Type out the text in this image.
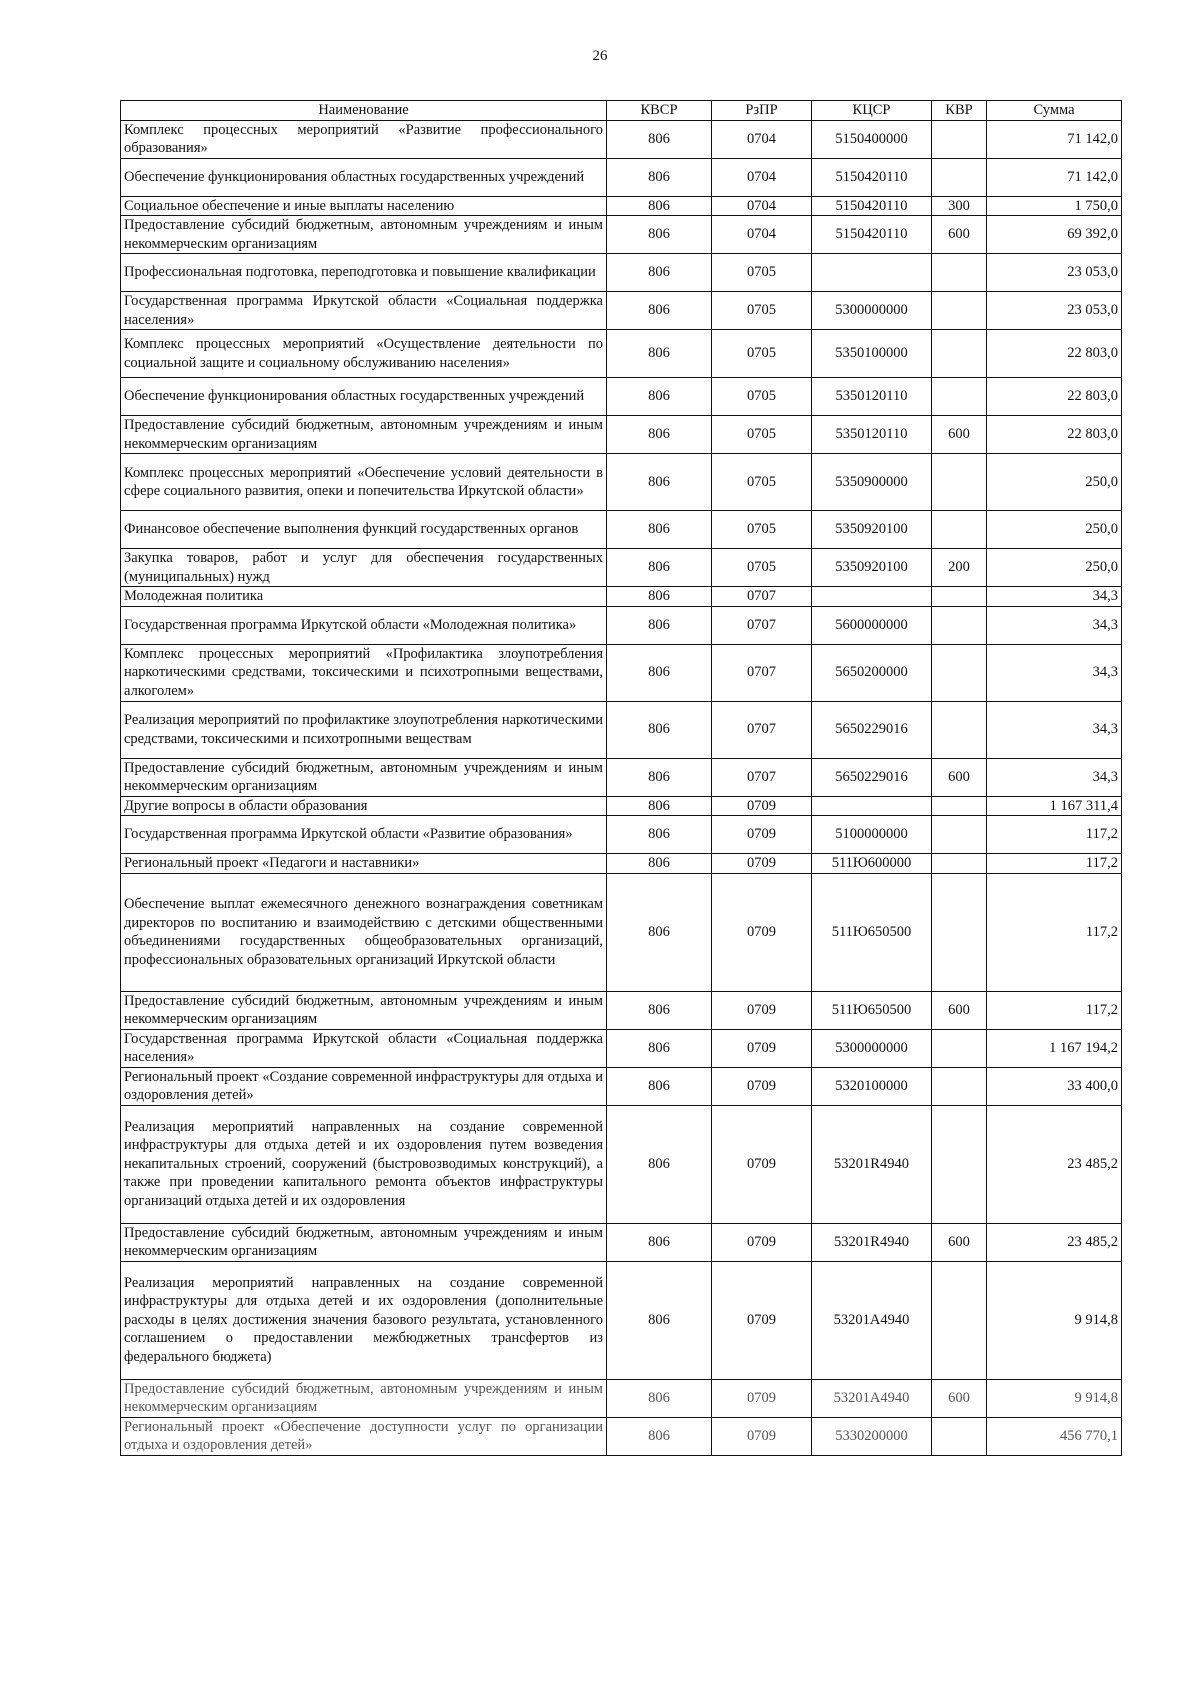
26
Наименование	КВСР	РзПР	КЦСР	КВР	Сумма
Комплекс процессных мероприятий «Развитие профессионального образования»	806	0704	5150400000		71 142,0
Обеспечение функционирования областных государственных учреждений	806	0704	5150420110		71 142,0
Социальное обеспечение и иные выплаты населению	806	0704	5150420110	300	1 750,0
Предоставление субсидий бюджетным, автономным учреждениям и иным некоммерческим организациям	806	0704	5150420110	600	69 392,0
Профессиональная подготовка, переподготовка и повышение квалификации	806	0705			23 053,0
Государственная программа Иркутской области «Социальная поддержка населения»	806	0705	5300000000		23 053,0
Комплекс процессных мероприятий «Осуществление деятельности по социальной защите и социальному обслуживанию населения»	806	0705	5350100000		22 803,0
Обеспечение функционирования областных государственных учреждений	806	0705	5350120110		22 803,0
Предоставление субсидий бюджетным, автономным учреждениям и иным некоммерческим организациям	806	0705	5350120110	600	22 803,0
Комплекс процессных мероприятий «Обеспечение условий деятельности в сфере социального развития, опеки и попечительства Иркутской области»	806	0705	5350900000		250,0
Финансовое обеспечение выполнения функций государственных органов	806	0705	5350920100		250,0
Закупка товаров, работ и услуг для обеспечения государственных (муниципальных) нужд	806	0705	5350920100	200	250,0
Молодежная политика	806	0707			34,3
Государственная программа Иркутской области «Молодежная политика»	806	0707	5600000000		34,3
Комплекс процессных мероприятий «Профилактика злоупотребления наркотическими средствами, токсическими и психотропными веществами, алкоголем»	806	0707	5650200000		34,3
Реализация мероприятий по профилактике злоупотребления наркотическими средствами, токсическими и психотропными веществам	806	0707	5650229016		34,3
Предоставление субсидий бюджетным, автономным учреждениям и иным некоммерческим организациям	806	0707	5650229016	600	34,3
Другие вопросы в области образования	806	0709			1 167 311,4
Государственная программа Иркутской области «Развитие образования»	806	0709	5100000000		117,2
Региональный проект «Педагоги и наставники»	806	0709	511Ю600000		117,2
Обеспечение выплат ежемесячного денежного вознаграждения советникам директоров по воспитанию и взаимодействию с детскими общественными объединениями государственных общеобразовательных организаций, профессиональных образовательных организаций Иркутской области	806	0709	511Ю650500		117,2
Предоставление субсидий бюджетным, автономным учреждениям и иным некоммерческим организациям	806	0709	511Ю650500	600	117,2
Государственная программа Иркутской области «Социальная поддержка населения»	806	0709	5300000000		1 167 194,2
Региональный проект «Создание современной инфраструктуры для отдыха и оздоровления детей»	806	0709	5320100000		33 400,0
Реализация мероприятий направленных на создание современной инфраструктуры для отдыха детей и их оздоровления путем возведения некапитальных строений, сооружений (быстровозводимых конструкций), а также при проведении капитального ремонта объектов инфраструктуры организаций отдыха детей и их оздоровления	806	0709	53201R4940		23 485,2
Предоставление субсидий бюджетным, автономным учреждениям и иным некоммерческим организациям	806	0709	53201R4940	600	23 485,2
Реализация мероприятий направленных на создание современной инфраструктуры для отдыха детей и их оздоровления (дополнительные расходы в целях достижения значения базового результата, установленного соглашением о предоставлении межбюджетных трансфертов из федерального бюджета)	806	0709	53201A4940		9 914,8
Предоставление субсидий бюджетным, автономным учреждениям и иным некоммерческим организациям	806	0709	53201A4940	600	9 914,8
Региональный проект «Обеспечение доступности услуг по организации отдыха и оздоровления детей»	806	0709	5330200000		456 770,1
